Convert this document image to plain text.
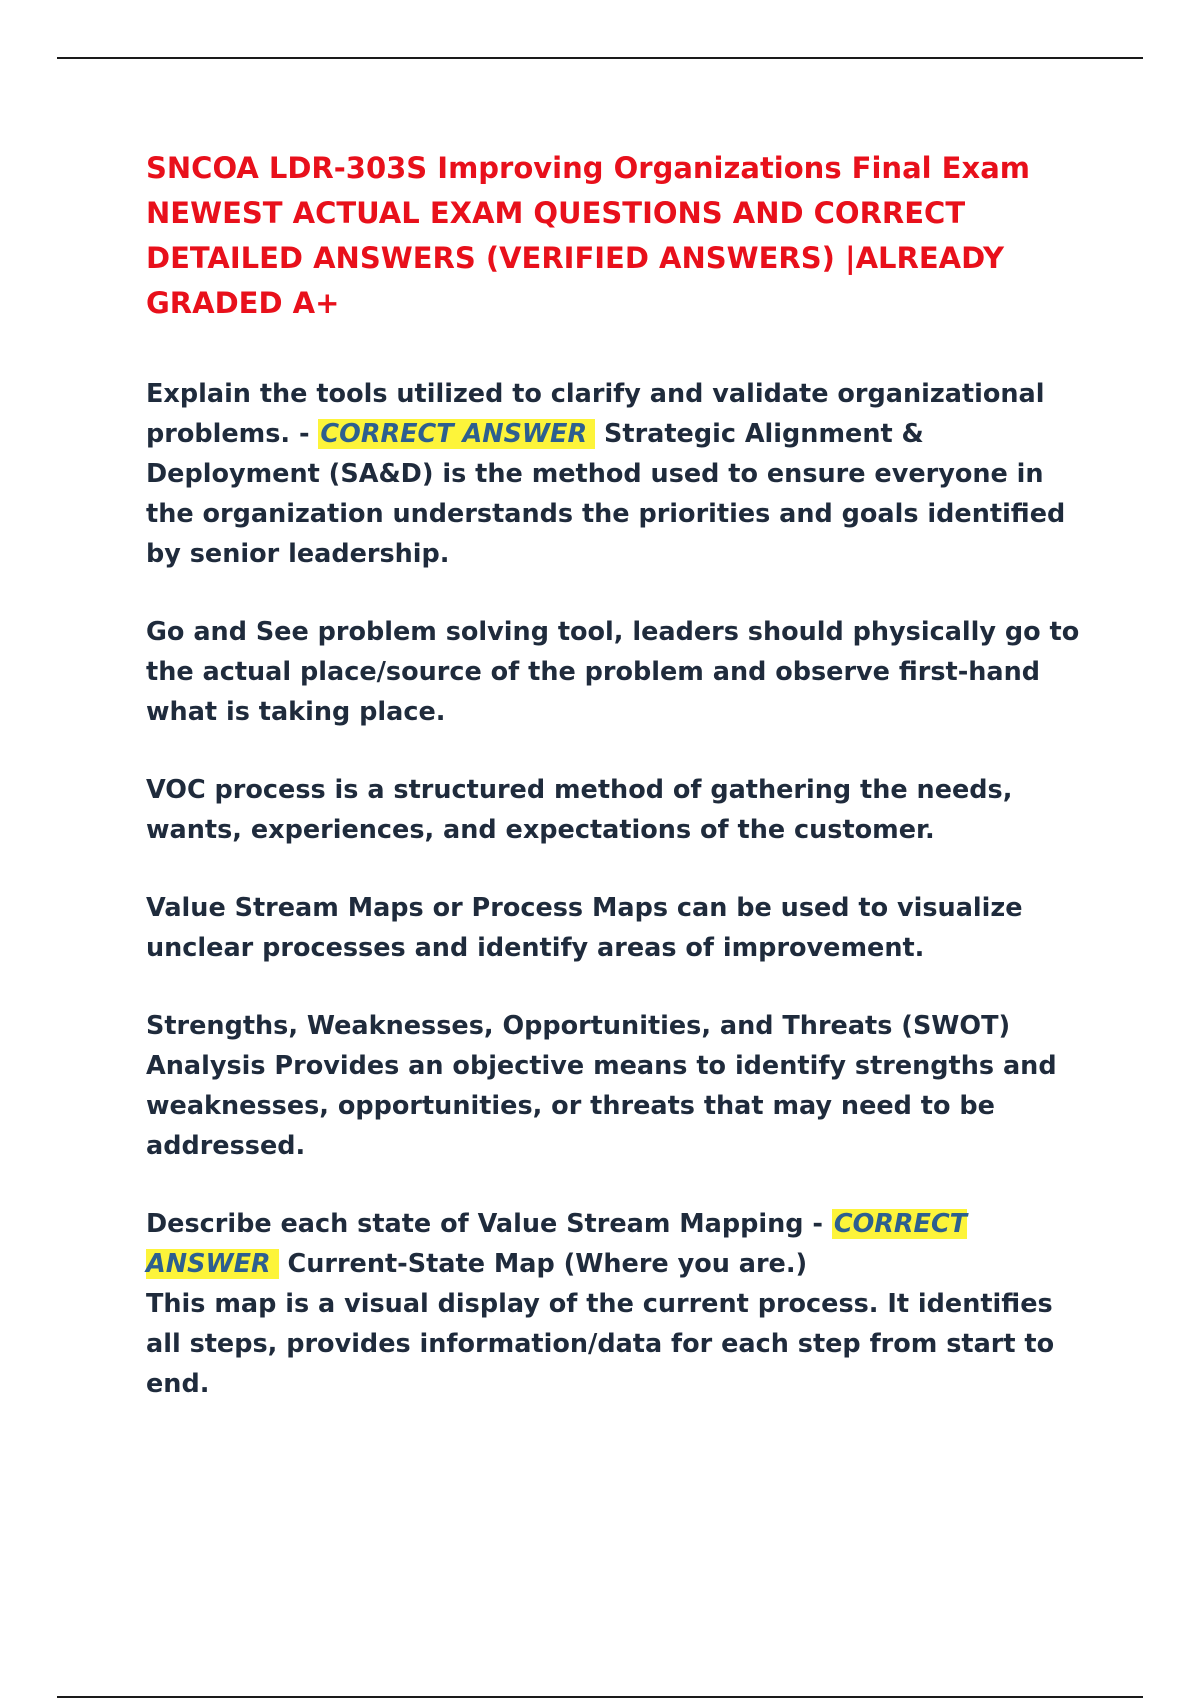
SNCOA LDR-303S Improving Organizations Final Exam NEWEST ACTUAL EXAM QUESTIONS AND CORRECT DETAILED ANSWERS (VERIFIED ANSWERS) |ALREADY GRADED A+
Explain the tools utilized to clarify and validate organizational problems. - CORRECT ANSWER Strategic Alignment & Deployment (SA&D) is the method used to ensure everyone in the organization understands the priorities and goals identified by senior leadership.
Go and See problem solving tool, leaders should physically go to the actual place/source of the problem and observe first-hand what is taking place.
VOC process is a structured method of gathering the needs, wants, experiences, and expectations of the customer.
Value Stream Maps or Process Maps can be used to visualize unclear processes and identify areas of improvement.
Strengths, Weaknesses, Opportunities, and Threats (SWOT) Analysis Provides an objective means to identify strengths and weaknesses, opportunities, or threats that may need to be addressed.

Describe each state of Value Stream Mapping - CORRECT ANSWER Current-State Map (Where you are.)

This map is a visual display of the current process. It identifies all steps, provides information/data for each step from start to end.
